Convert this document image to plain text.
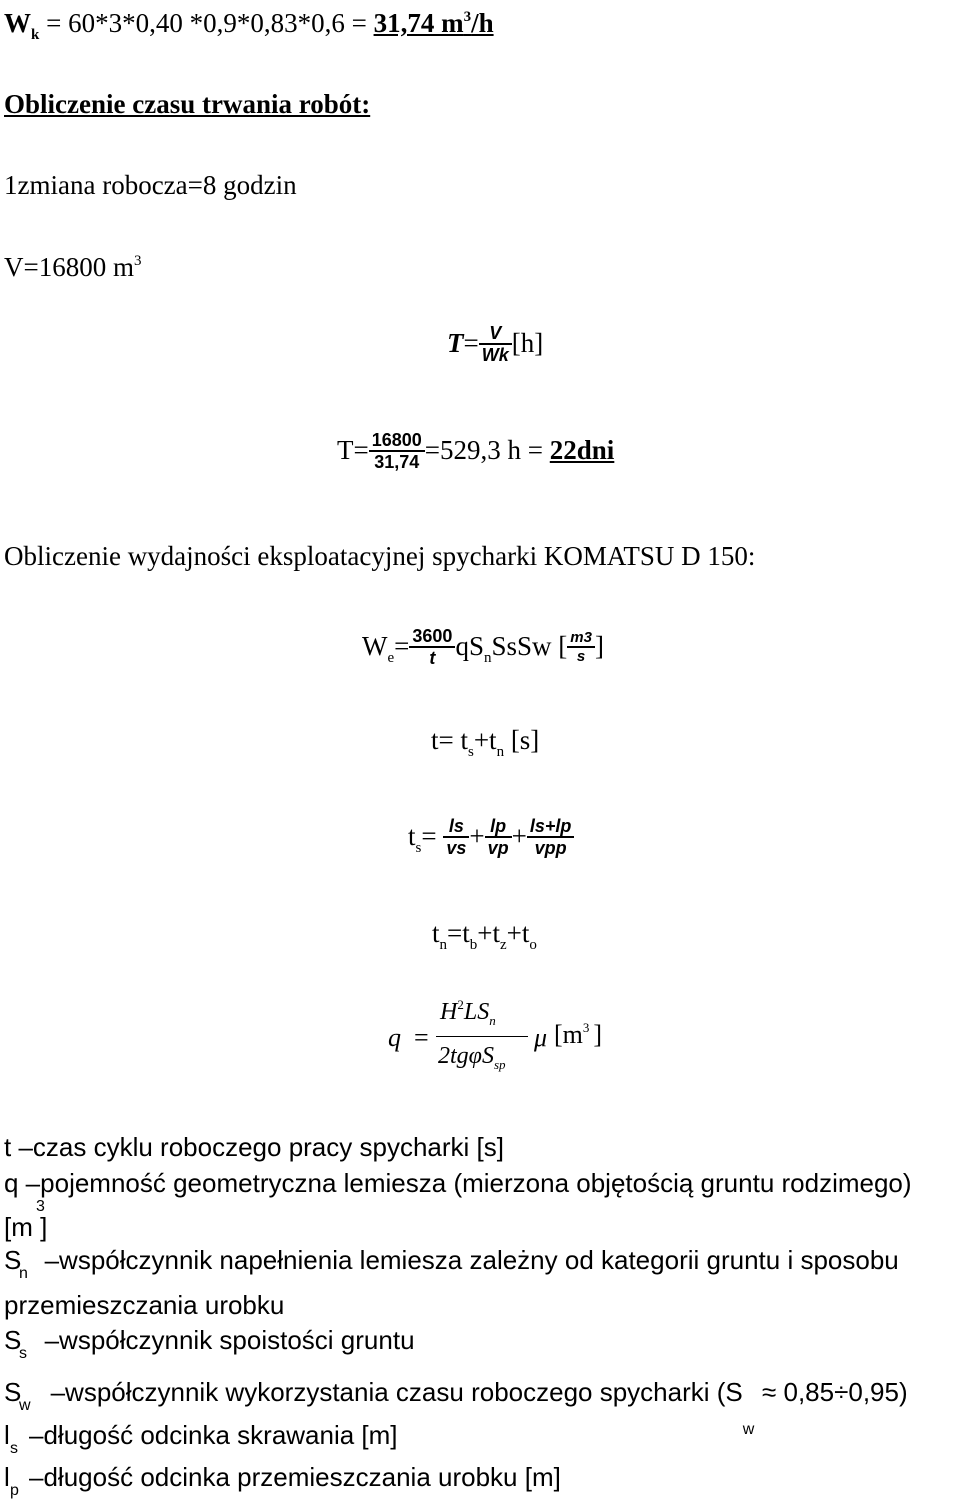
$W_k = 60*3*0,40$ *0,9*0,83*0,6 = 31,74 $m^3/h$
Obliczenie czasu trwania robót:
1zmiana robocza=8 godzin
V=16800 $m^3$
$T= \frac{V}{Wk} [h]$
$T= \frac{16800}{31,74} =529,3$ h = 22dni
Obliczenie wydajności eksploatacyjnej spycharki KOMATSU D 150:
$W_e= \frac{3600}{t}$ $qS_nSsSw$ [ $\frac{m3}{s}$ ]
$t= t_s+t_n$ [s]
$t_s= \frac{ls}{vs} + \frac{lp}{vp} + \frac{ls+lp}{\text{vpp}}$
$t_n=t_b+t_z+t_o$
q =
$H^2LS_n$
2tgφS$_{sp}$
μ [$m^3$ ]
t –czas cyklu roboczego pracy spycharki [s]
q –pojemność geometryczna lemiesza (mierzona objętością gruntu rodzimego)
[m ]
3
S
n –współczynnik napełnienia lemiesza zależny od kategorii gruntu i sposobu
przemieszczania urobku
S
s –współczynnik spoistości gruntu
S
w –współczynnik wykorzystania czasu roboczego spycharki (S
w
≈ 0,85÷0,95)
l s –długość odcinka skrawania [m]
l p –długość odcinka przemieszczania urobku [m]
